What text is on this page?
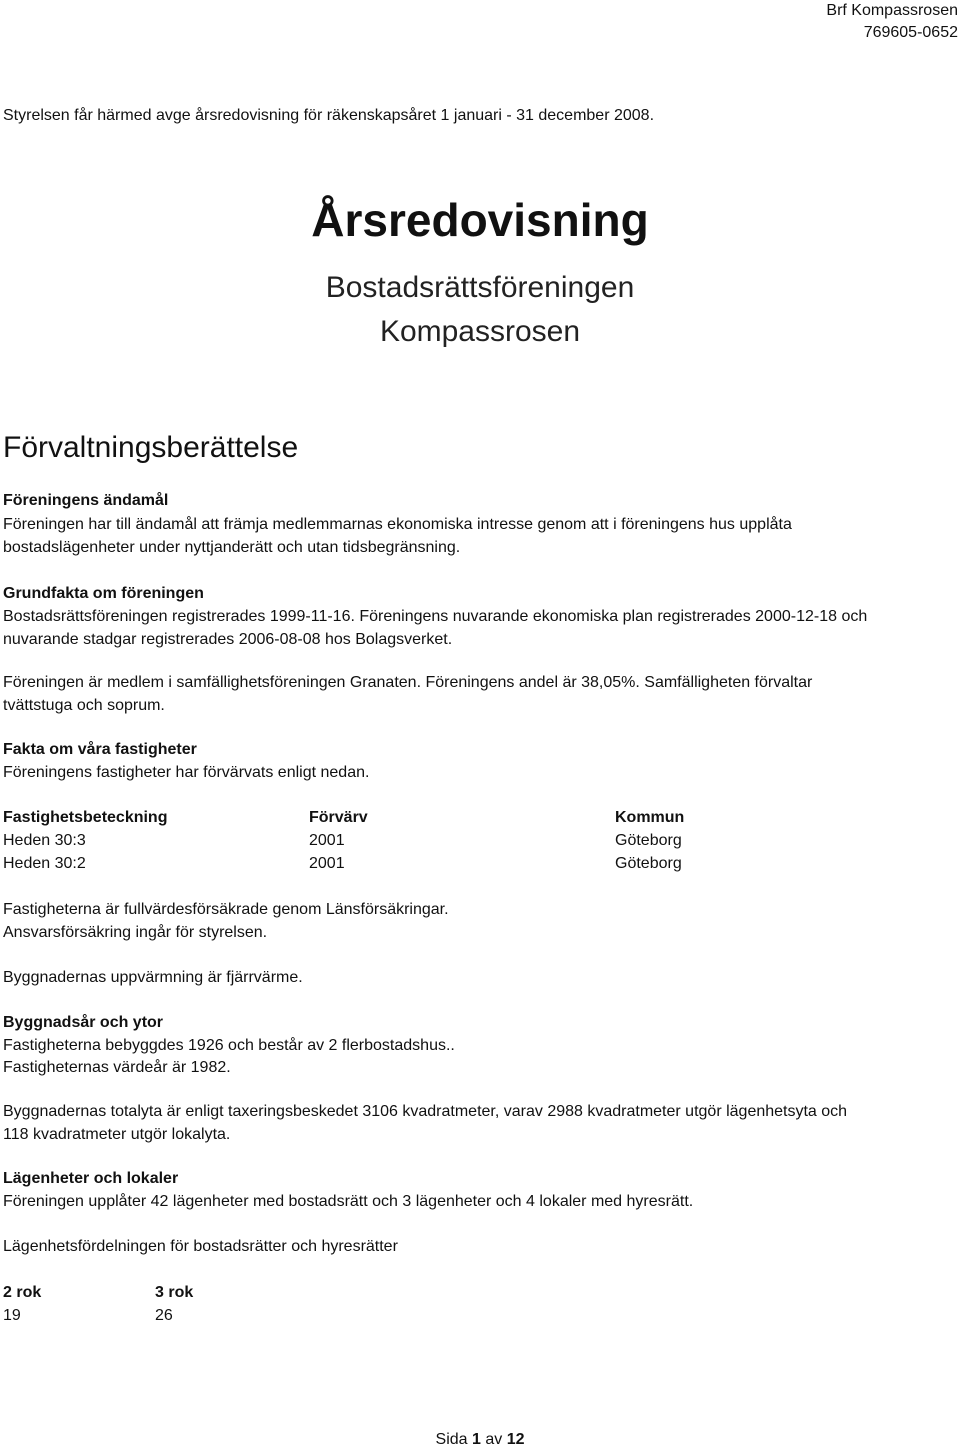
Brf Kompassrosen
769605-0652
Årsredovisning
Bostadsrättsföreningen
Kompassrosen
Styrelsen får härmed avge årsredovisning för räkenskapsåret 1 januari - 31 december 2008.
Förvaltningsberättelse
Föreningens ändamål
Föreningen har till ändamål att främja medlemmarnas ekonomiska intresse genom att i föreningens hus upplåta
bostadslägenheter under nyttjanderätt och utan tidsbegränsning.
Grundfakta om föreningen
Bostadsrättsföreningen registrerades 1999-11-16. Föreningens nuvarande ekonomiska plan registrerades 2000-12-18 och
nuvarande stadgar registrerades 2006-08-08 hos Bolagsverket.
Föreningen är medlem i samfällighetsföreningen Granaten. Föreningens andel är 38,05%. Samfälligheten förvaltar
tvättstuga och soprum.
Fakta om våra fastigheter
Föreningens fastigheter har förvärvats enligt nedan.
Fastighetsbeteckning	Förvärv	Kommun
Heden 30:3	2001	Göteborg
Heden 30:2	2001	Göteborg
Fastigheterna är fullvärdesförsäkrade genom Länsförsäkringar.
Ansvarsförsäkring ingår för styrelsen.
Byggnadernas uppvärmning är fjärrvärme.
Byggnadsår och ytor
Fastigheterna bebyggdes 1926 och består av 2 flerbostadshus..
Fastigheternas värdeår är 1982.
Byggnadernas totalyta är enligt taxeringsbeskedet 3106 kvadratmeter, varav 2988 kvadratmeter utgör lägenhetsyta och
118 kvadratmeter utgör lokalyta.
Lägenheter och lokaler
Föreningen upplåter 42 lägenheter med bostadsrätt och 3 lägenheter och 4 lokaler med hyresrätt.
Lägenhetsfördelningen för bostadsrätter och hyresrätter
2 rok	3 rok
19	26
Sida 1 av 12
